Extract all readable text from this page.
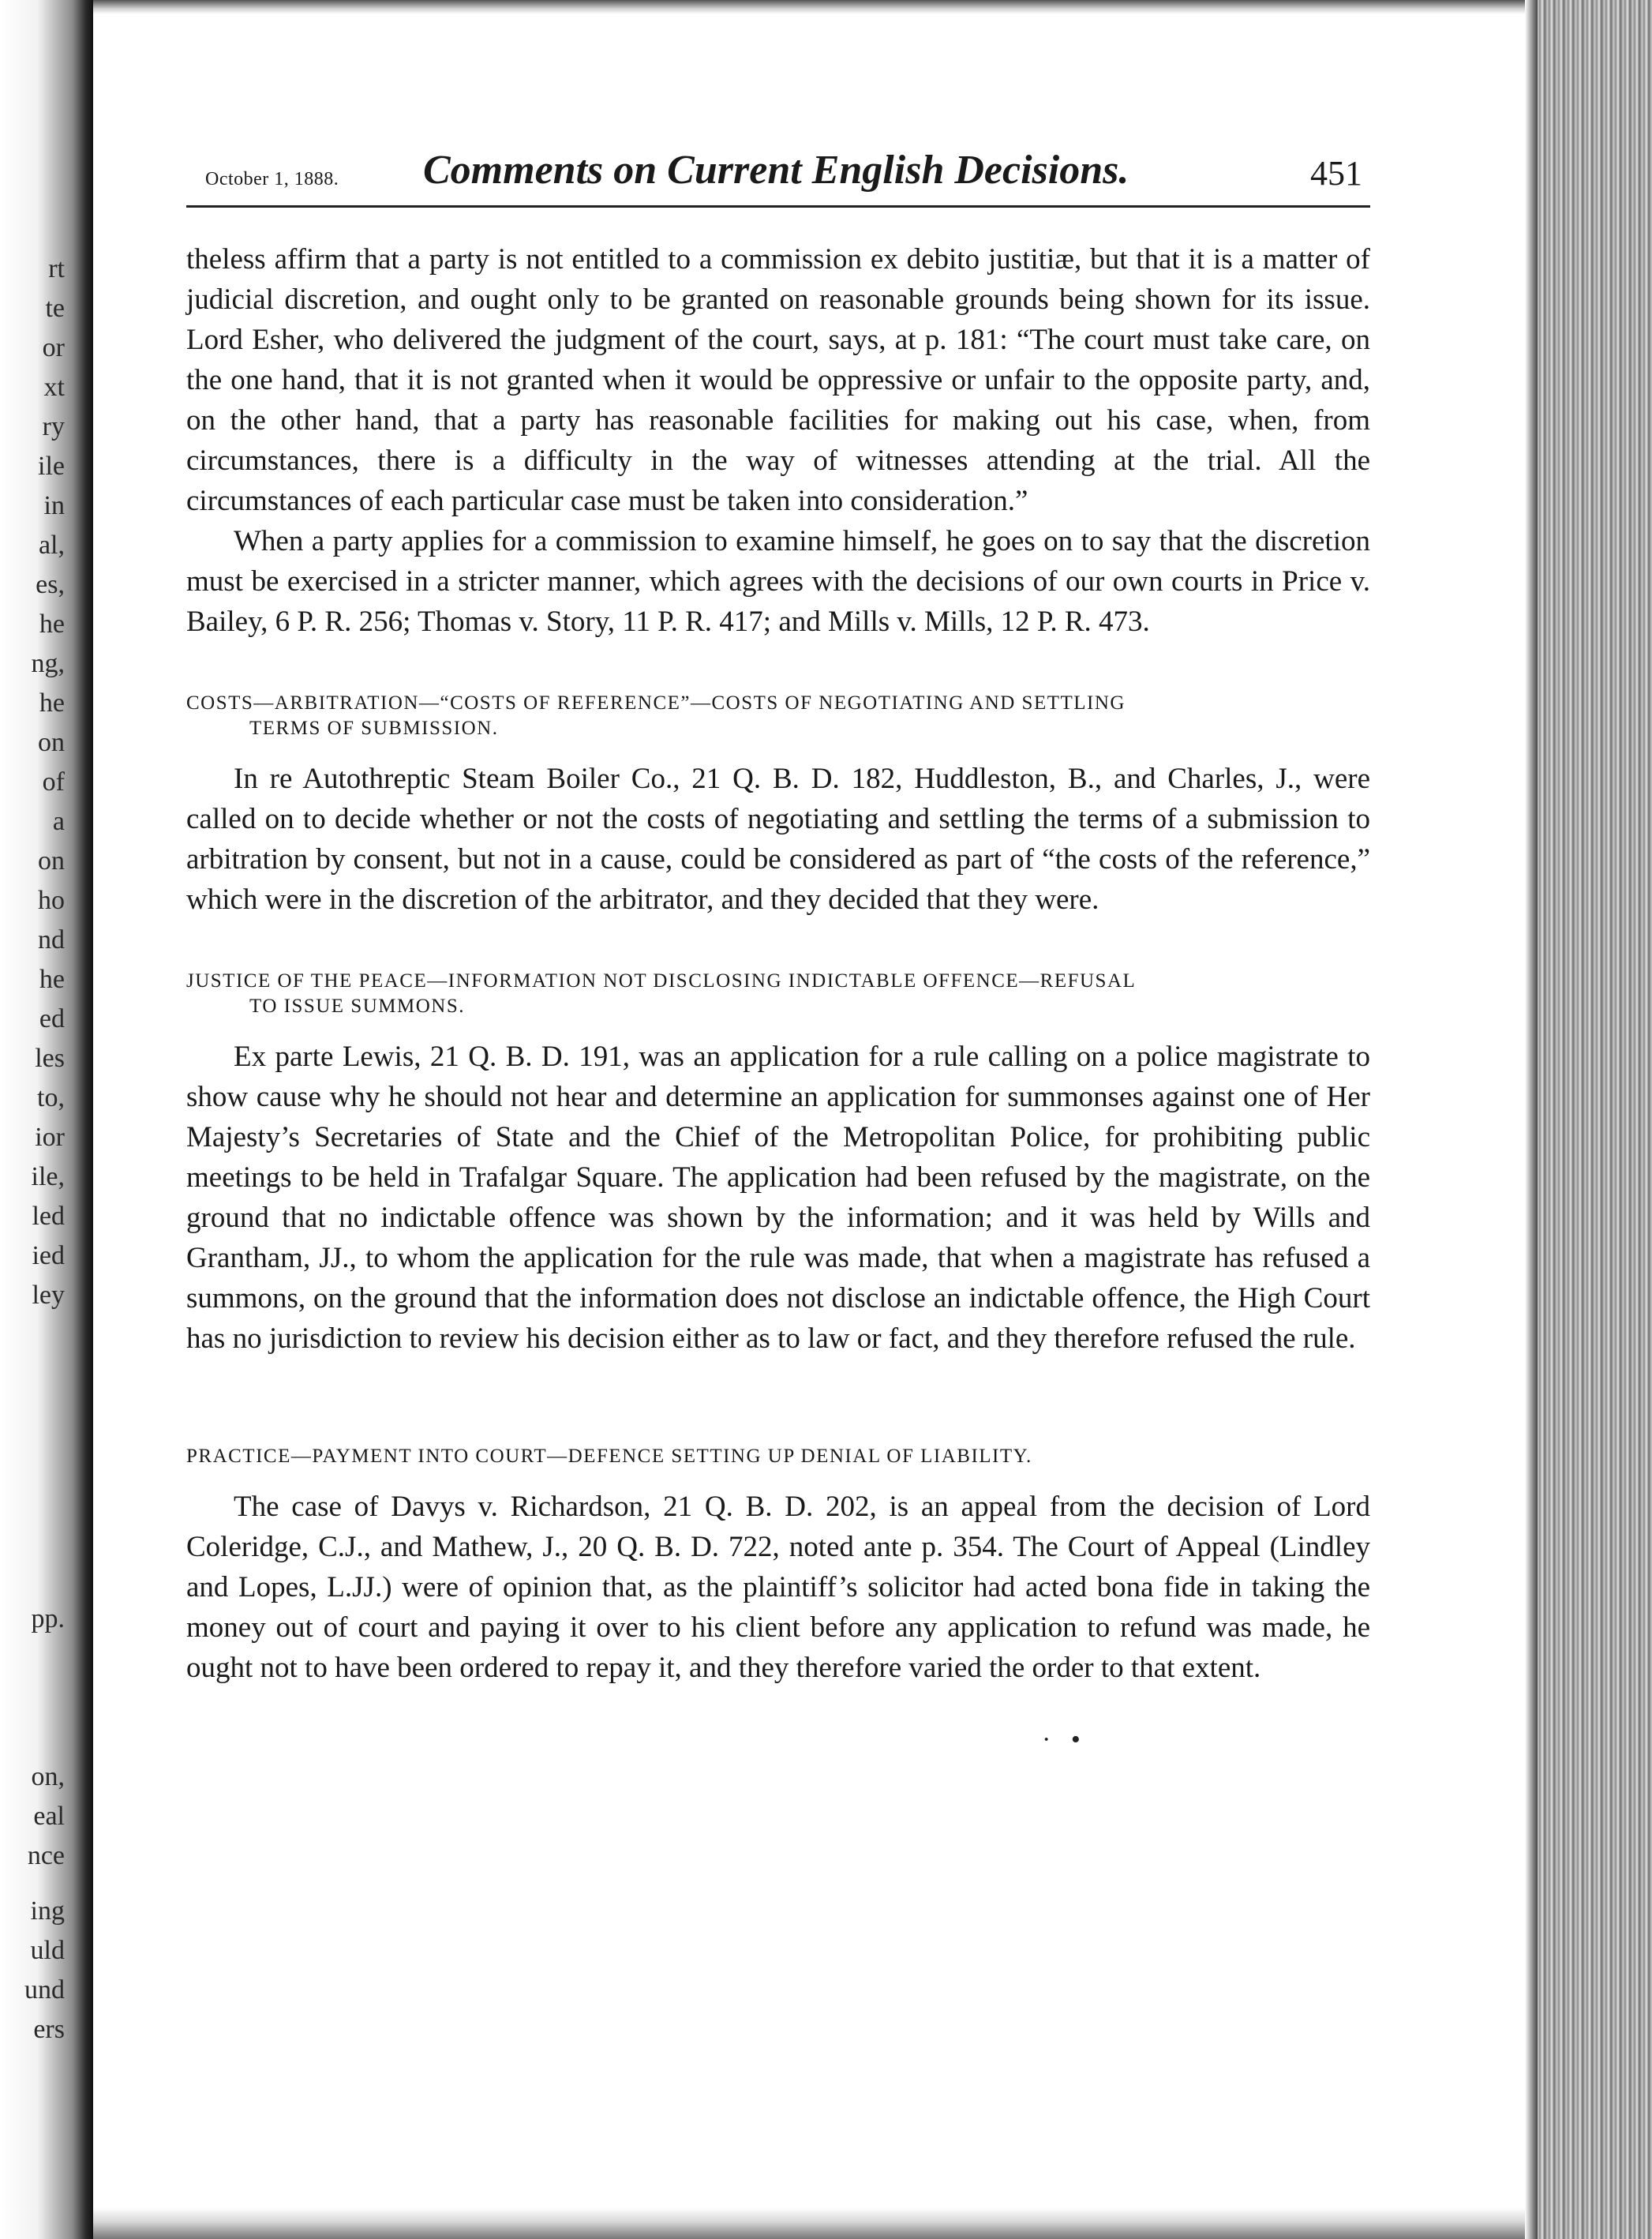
rt
te
or
xt
ry
ile
in
al,
es,
he
ng,
he
on
of
a
on
ho
nd
he
ed
les
to,
ior
ile,
led
ied
ley
pp.
on,
eal
nce
ing
uld
und
ers
October 1, 1888. Comments on Current English Decisions.	451

theless affirm that a party is not entitled to a commission ex debito justitiæ, but that it is a matter of judicial discretion, and ought only to be granted on reasonable grounds being shown for its issue. Lord Esher, who delivered the judgment of the court, says, at p. 181: “The court must take care, on the one hand, that it is not granted when it would be oppressive or unfair to the opposite party, and, on the other hand, that a party has reasonable facilities for making out his case, when, from circumstances, there is a difficulty in the way of witnesses attending at the trial. All the circumstances of each particular case must be taken into consideration.”

When a party applies for a commission to examine himself, he goes on to say that the discretion must be exercised in a stricter manner, which agrees with the decisions of our own courts in Price v. Bailey, 6 P. R. 256; Thomas v. Story, 11 P. R. 417; and Mills v. Mills, 12 P. R. 473.

COSTS—ARBITRATION—“COSTS OF REFERENCE”—COSTS OF NEGOTIATING AND SETTLING
TERMS OF SUBMISSION.

In re Autothreptic Steam Boiler Co., 21 Q. B. D. 182, Huddleston, B., and Charles, J., were called on to decide whether or not the costs of negotiating and settling the terms of a submission to arbitration by consent, but not in a cause, could be considered as part of “the costs of the reference,” which were in the discretion of the arbitrator, and they decided that they were.

JUSTICE OF THE PEACE—INFORMATION NOT DISCLOSING INDICTABLE OFFENCE—REFUSAL
TO ISSUE SUMMONS.

Ex parte Lewis, 21 Q. B. D. 191, was an application for a rule calling on a police magistrate to show cause why he should not hear and determine an application for summonses against one of Her Majesty’s Secretaries of State and the Chief of the Metropolitan Police, for prohibiting public meetings to be held in Trafalgar Square. The application had been refused by the magistrate, on the ground that no indictable offence was shown by the information; and it was held by Wills and Grantham, JJ., to whom the application for the rule was made, that when a magistrate has refused a summons, on the ground that the information does not disclose an indictable offence, the High Court has no jurisdiction to review his decision either as to law or fact, and they therefore refused the rule.

PRACTICE—PAYMENT INTO COURT—DEFENCE SETTING UP DENIAL OF LIABILITY.

The case of Davys v. Richardson, 21 Q. B. D. 202, is an appeal from the decision of Lord Coleridge, C.J., and Mathew, J., 20 Q. B. D. 722, noted ante p. 354. The Court of Appeal (Lindley and Lopes, L.JJ.) were of opinion that, as the plaintiff’s solicitor had acted bona fide in taking the money out of court and paying it over to his client before any application to refund was made, he ought not to have been ordered to repay it, and they therefore varied the order to that extent.

·   •
